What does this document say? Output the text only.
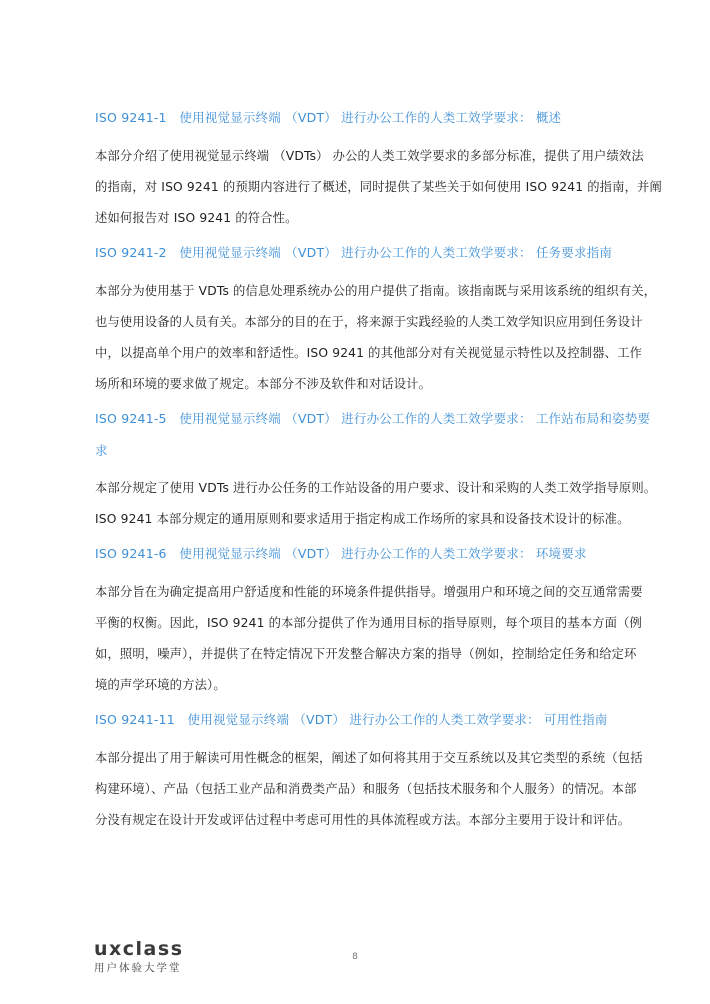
ISO 9241-1　使用视觉显示终端 （VDT） 进行办公工作的人类工效学要求： 概述
本部分介绍了使用视觉显示终端 （VDTs） 办公的人类工效学要求的多部分标准，提供了用户绩效法
的指南，对 ISO 9241 的预期内容进行了概述，同时提供了某些关于如何使用 ISO 9241 的指南，并阐
述如何报告对 ISO 9241 的符合性。
ISO 9241-2　使用视觉显示终端 （VDT） 进行办公工作的人类工效学要求： 任务要求指南
本部分为使用基于 VDTs 的信息处理系统办公的用户提供了指南。该指南既与采用该系统的组织有关，
也与使用设备的人员有关。本部分的目的在于，将来源于实践经验的人类工效学知识应用到任务设计
中，以提高单个用户的效率和舒适性。ISO 9241 的其他部分对有关视觉显示特性以及控制器、工作
场所和环境的要求做了规定。本部分不涉及软件和对话设计。
ISO 9241-5　使用视觉显示终端 （VDT） 进行办公工作的人类工效学要求： 工作站布局和姿势要
求
本部分规定了使用 VDTs 进行办公任务的工作站设备的用户要求、设计和采购的人类工效学指导原则。
ISO 9241 本部分规定的通用原则和要求适用于指定构成工作场所的家具和设备技术设计的标准。
ISO 9241-6　使用视觉显示终端 （VDT） 进行办公工作的人类工效学要求： 环境要求
本部分旨在为确定提高用户舒适度和性能的环境条件提供指导。增强用户和环境之间的交互通常需要
平衡的权衡。因此，ISO 9241 的本部分提供了作为通用目标的指导原则，每个项目的基本方面（例
如，照明，噪声），并提供了在特定情况下开发整合解决方案的指导（例如，控制给定任务和给定环
境的声学环境的方法）。
ISO 9241-11　使用视觉显示终端 （VDT） 进行办公工作的人类工效学要求： 可用性指南
本部分提出了用于解读可用性概念的框架，阐述了如何将其用于交互系统以及其它类型的系统（包括
构建环境）、产品（包括工业产品和消费类产品）和服务（包括技术服务和个人服务）的情况。本部
分没有规定在设计开发或评估过程中考虑可用性的具体流程或方法。本部分主要用于设计和评估。
uxclass
用户体验大学堂
8
